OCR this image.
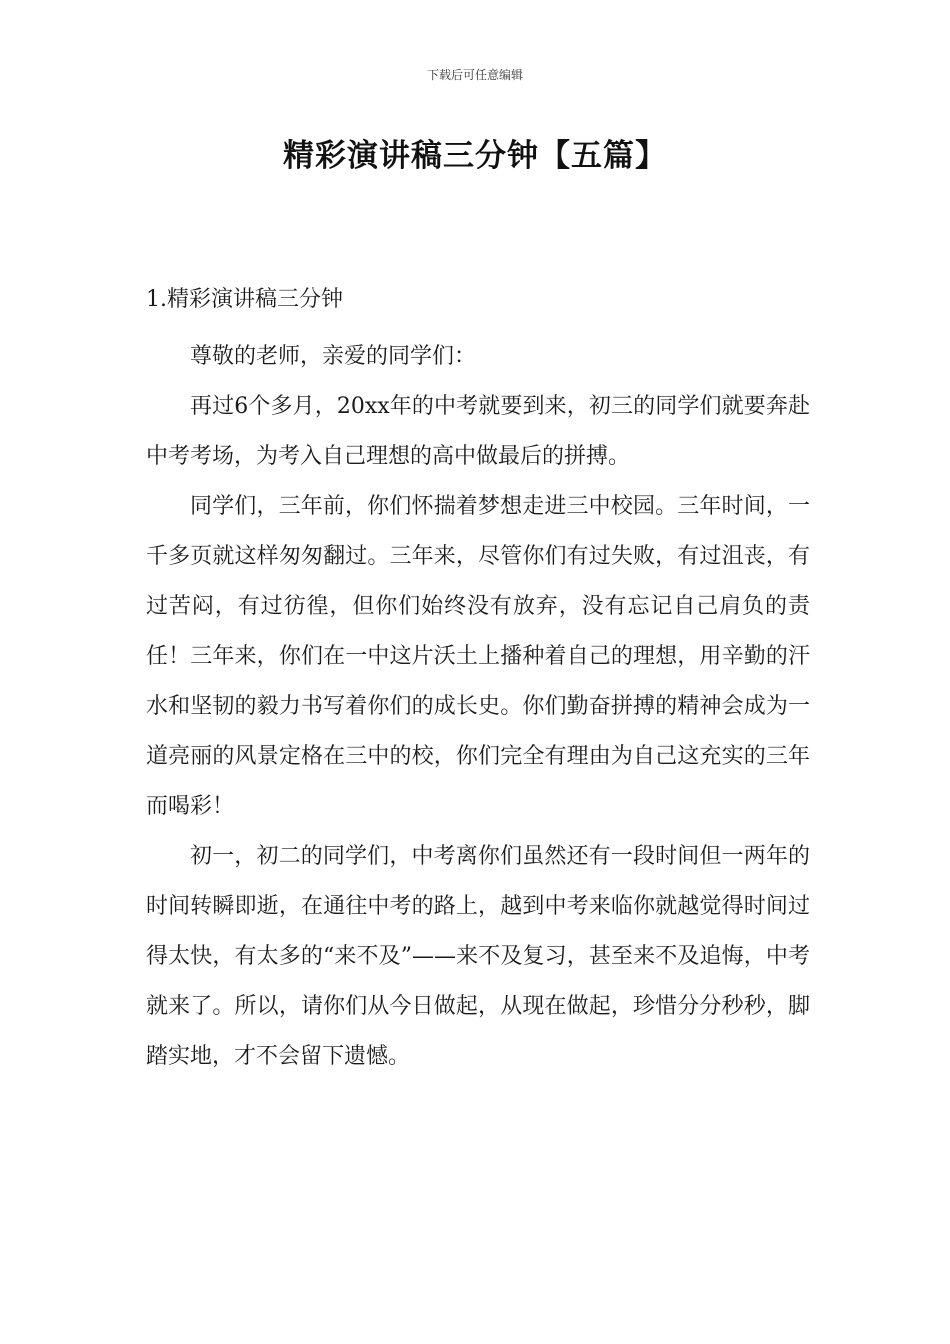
下载后可任意编辑
精彩演讲稿三分钟【五篇】

1.精彩演讲稿三分钟

尊敬的老师，亲爱的同学们：

再过6个多月，20xx年的中考就要到来，初三的同学们就要奔赴中考考场，为考入自己理想的高中做最后的拼搏。

同学们，三年前，你们怀揣着梦想走进三中校园。三年时间，一千多页就这样匆匆翻过。三年来，尽管你们有过失败，有过沮丧，有过苦闷，有过彷徨，但你们始终没有放弃，没有忘记自己肩负的责任！三年来，你们在一中这片沃土上播种着自己的理想，用辛勤的汗水和坚韧的毅力书写着你们的成长史。你们勤奋拼搏的精神会成为一道亮丽的风景定格在三中的校，你们完全有理由为自己这充实的三年而喝彩！

初一，初二的同学们，中考离你们虽然还有一段时间但一两年的时间转瞬即逝，在通往中考的路上，越到中考来临你就越觉得时间过得太快，有太多的“来不及”——来不及复习，甚至来不及追悔，中考就来了。所以，请你们从今日做起，从现在做起，珍惜分分秒秒，脚踏实地，才不会留下遗憾。
